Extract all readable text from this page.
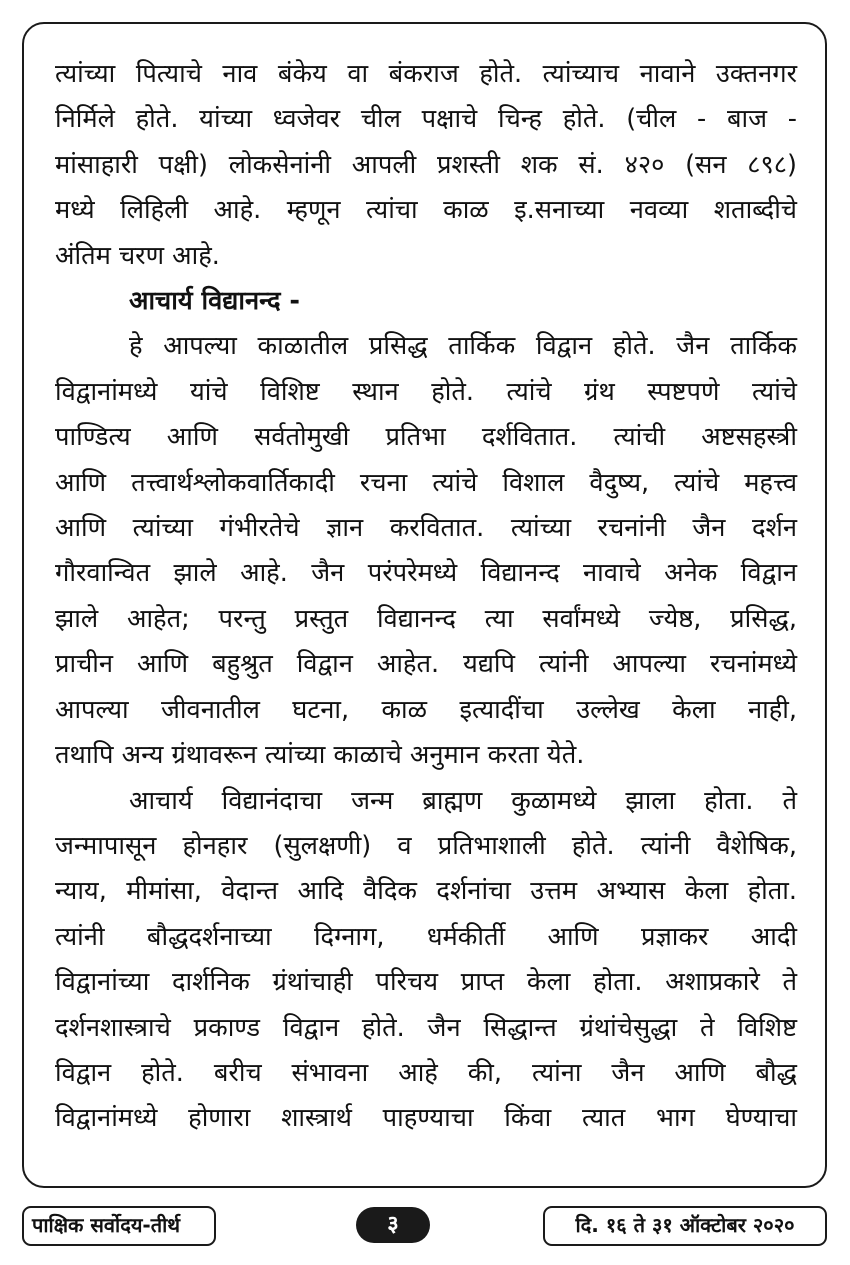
त्यांच्या पित्याचे नाव बंकेय वा बंकराज होते. त्यांच्याच नावाने उक्तनगर
निर्मिले होते. यांच्या ध्वजेवर चील पक्षाचे चिन्ह होते. (चील - बाज -
मांसाहारी पक्षी) लोकसेनांनी आपली प्रशस्ती शक सं. ४२० (सन ८९८)
मध्ये लिहिली आहे. म्हणून त्यांचा काळ इ.सनाच्या नवव्या शताब्दीचे
अंतिम चरण आहे.
आचार्य विद्यानन्द -
हे आपल्या काळातील प्रसिद्ध तार्किक विद्वान होते. जैन तार्किक
विद्वानांमध्ये यांचे विशिष्ट स्थान होते. त्यांचे ग्रंथ स्पष्टपणे त्यांचे
पाण्डित्य आणि सर्वतोमुखी प्रतिभा दर्शवितात. त्यांची अष्टसहस्त्री
आणि तत्त्वार्थश्लोकवार्तिकादी रचना त्यांचे विशाल वैदुष्य, त्यांचे महत्त्व
आणि त्यांच्या गंभीरतेचे ज्ञान करवितात. त्यांच्या रचनांनी जैन दर्शन
गौरवान्वित झाले आहे. जैन परंपरेमध्ये विद्यानन्द नावाचे अनेक विद्वान
झाले आहेत; परन्तु प्रस्तुत विद्यानन्द त्या सर्वांमध्ये ज्येष्ठ, प्रसिद्ध,
प्राचीन आणि बहुश्रुत विद्वान आहेत. यद्यपि त्यांनी आपल्या रचनांमध्ये
आपल्या जीवनातील घटना, काळ इत्यादींचा उल्लेख केला नाही,
तथापि अन्य ग्रंथावरून त्यांच्या काळाचे अनुमान करता येते.
आचार्य विद्यानंदाचा जन्म ब्राह्मण कुळामध्ये झाला होता. ते
जन्मापासून होनहार (सुलक्षणी) व प्रतिभाशाली होते. त्यांनी वैशेषिक,
न्याय, मीमांसा, वेदान्त आदि वैदिक दर्शनांचा उत्तम अभ्यास केला होता.
त्यांनी बौद्धदर्शनाच्या दिग्नाग, धर्मकीर्ती आणि प्रज्ञाकर आदी
विद्वानांच्या दार्शनिक ग्रंथांचाही परिचय प्राप्त केला होता. अशाप्रकारे ते
दर्शनशास्त्राचे प्रकाण्ड विद्वान होते. जैन सिद्धान्त ग्रंथांचेसुद्धा ते विशिष्ट
विद्वान होते. बरीच संभावना आहे की, त्यांना जैन आणि बौद्ध
विद्वानांमध्ये होणारा शास्त्रार्थ पाहण्याचा किंवा त्यात भाग घेण्याचा
पाक्षिक सर्वोदय-तीर्थ	३	दि. १६ ते ३१ ऑक्टोबर २०२०
